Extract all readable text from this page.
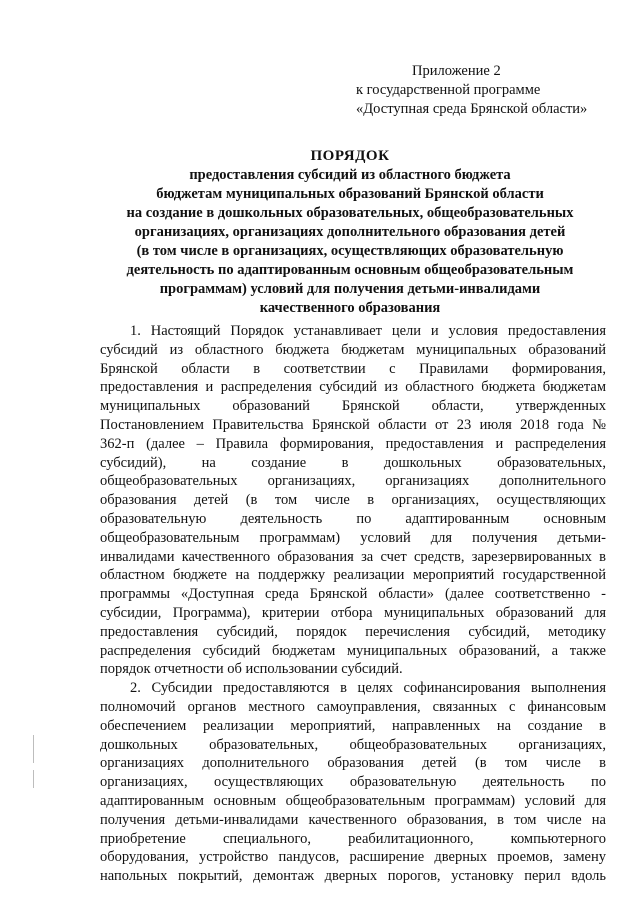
Приложение 2
к государственной программе
«Доступная среда Брянской области»
ПОРЯДОК
предоставления субсидий из областного бюджета
бюджетам муниципальных образований Брянской области
на создание в дошкольных образовательных, общеобразовательных
организациях, организациях дополнительного образования детей
(в том числе в организациях, осуществляющих образовательную
деятельность по адаптированным основным общеобразовательным
программам) условий для получения детьми-инвалидами
качественного образования
1. Настоящий Порядок устанавливает цели и условия предоставления
субсидий из областного бюджета бюджетам муниципальных образований
Брянской области в соответствии с Правилами формирования,
предоставления и распределения субсидий из областного бюджета бюджетам
муниципальных образований Брянской области, утвержденных
Постановлением Правительства Брянской области от 23 июля 2018 года №
362-п (далее – Правила формирования, предоставления и распределения
субсидий), на создание в дошкольных образовательных,
общеобразовательных организациях, организациях дополнительного
образования детей (в том числе в организациях, осуществляющих
образовательную деятельность по адаптированным основным
общеобразовательным программам) условий для получения детьми-
инвалидами качественного образования за счет средств, зарезервированных в
областном бюджете на поддержку реализации мероприятий государственной
программы «Доступная среда Брянской области» (далее соответственно -
субсидии, Программа), критерии отбора муниципальных образований для
предоставления субсидий, порядок перечисления субсидий, методику
распределения субсидий бюджетам муниципальных образований, а также
порядок отчетности об использовании субсидий.
2. Субсидии предоставляются в целях софинансирования выполнения
полномочий органов местного самоуправления, связанных с финансовым
обеспечением реализации мероприятий, направленных на создание в
дошкольных образовательных, общеобразовательных организациях,
организациях дополнительного образования детей (в том числе в
организациях, осуществляющих образовательную деятельность по
адаптированным основным общеобразовательным программам) условий для
получения детьми-инвалидами качественного образования, в том числе на
приобретение специального, реабилитационного, компьютерного
оборудования, устройство пандусов, расширение дверных проемов, замену
напольных покрытий, демонтаж дверных порогов, установку перил вдоль
